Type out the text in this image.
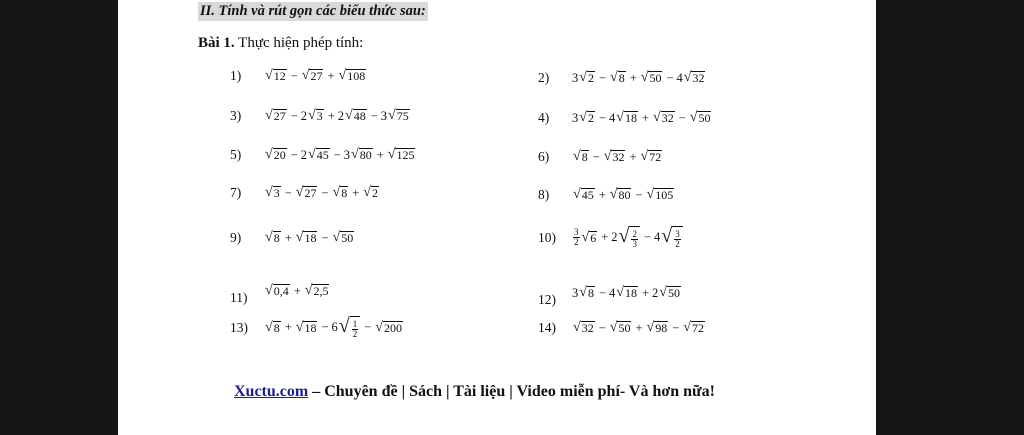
II. Tính và rút gọn các biểu thức sau:
Bài 1. Thực hiện phép tính:
1)	√ 12 − √ 27 + √ 108	2)	3 √ 2 − √ 8 + √ 50 − 4 √ 32
3)	√ 27 − 2 √ 3 + 2 √ 48 − 3 √ 75	4)	3 √ 2 − 4 √ 18 + √ 32 − √ 50
5)	√ 20 − 2 √ 45 − 3 √ 80 + √ 125	6)	√ 8 − √ 32 + √ 72
7)	√ 3 − √ 27 − √ 8 + √ 2	8)	√ 45 + √ 80 − √ 105
9)	√ 8 + √ 18 − √ 50	10)	$\frac{3}{2}$ √ 6 + 2 √ $\frac{2}{3} - 4$ √ $\frac{3}{2}$
11)	√ 0,4 + √ 2,5
12)	3 √ 8 − 4 √ 18 + 2 √ 50
13)	√ 8 + √ 18 − 6 √ $\frac{1}{2}$ − √ 200	14)	√ 32 − √ 50 + √ 98 − √ 72
Xuctu.com – Chuyên đề | Sách | Tài liệu | Video miễn phí- Và hơn nữa!
